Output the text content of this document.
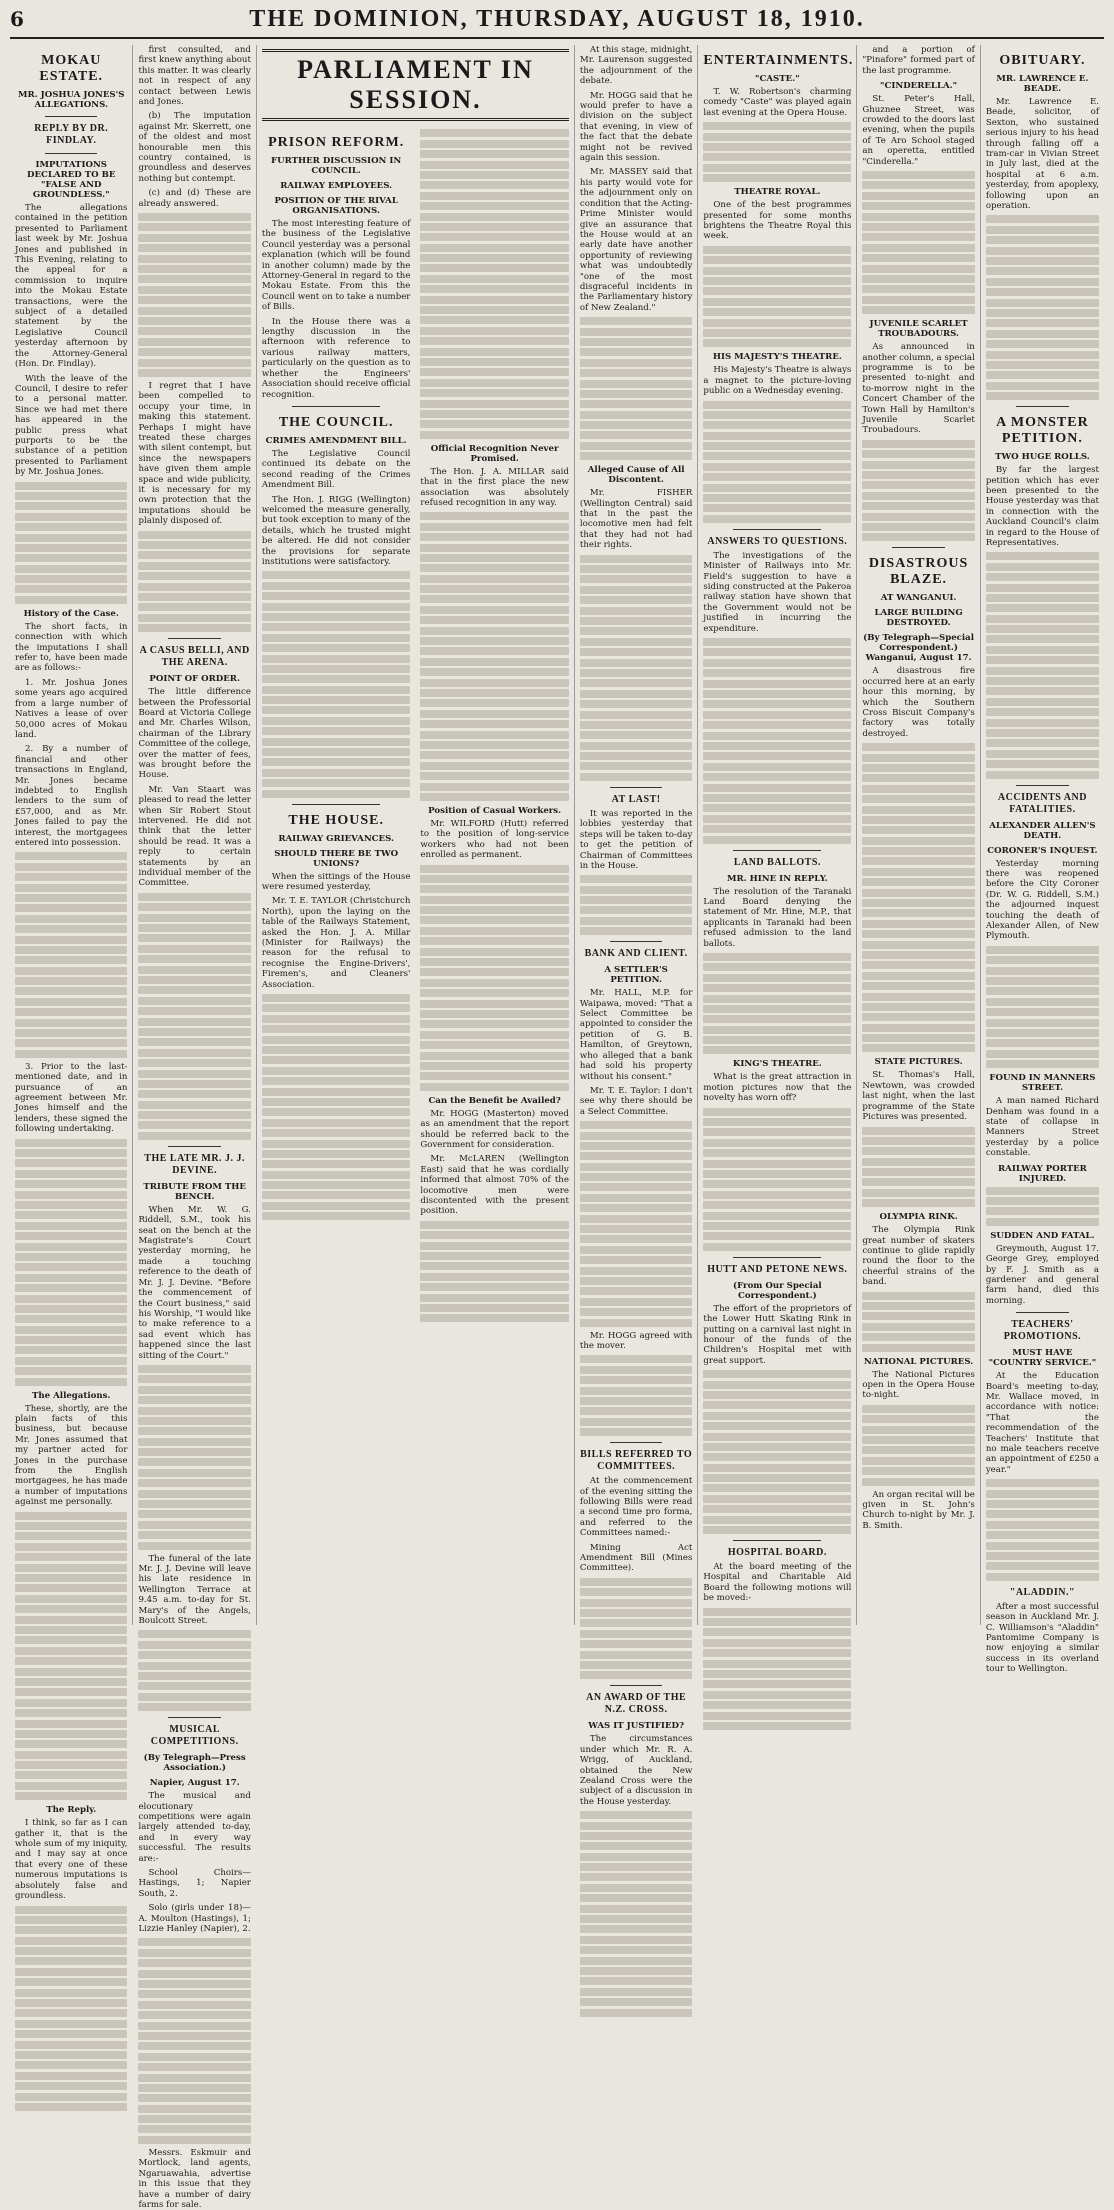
6	THE DOMINION, THURSDAY, AUGUST 18, 1910.
MOKAU ESTATE.
MR. JOSHUA JONES'S ALLEGATIONS.
REPLY BY DR. FINDLAY.
IMPUTATIONS DECLARED TO BE "FALSE AND GROUNDLESS."

The allegations contained in the petition presented to Parliament last week by Mr. Joshua Jones and published in This Evening, relating to the appeal for a commission to inquire into the Mokau Estate transactions, were the subject of a detailed statement by the Legislative Council yesterday afternoon by the Attorney-General (Hon. Dr. Findlay).

With the leave of the Council, I desire to refer to a personal matter. Since we had met there has appeared in the public press what purports to be the substance of a petition presented to Parliament by Mr. Joshua Jones.

History of the Case.

The short facts, in connection with which the imputations I shall refer to, have been made are as follows:-

1. Mr. Joshua Jones some years ago acquired from a large number of Natives a lease of over 50,000 acres of Mokau land.

2. By a number of financial and other transactions in England, Mr. Jones became indebted to English lenders to the sum of £57,000, and as Mr. Jones failed to pay the interest, the mortgagees entered into possession.

3. Prior to the last-mentioned date, and in pursuance of an agreement between Mr. Jones himself and the lenders, these signed the following undertaking.

The Allegations.

These, shortly, are the plain facts of this business, but because Mr. Jones assumed that my partner acted for Jones in the purchase from the English mortgagees, he has made a number of imputations against me personally.

The Reply.

I think, so far as I can gather it, that is the whole sum of my iniquity, and I may say at once that every one of these numerous imputations is absolutely false and groundless.

first consulted, and first knew anything about this matter. It was clearly not in respect of any contact between Lewis and Jones.

(b) The imputation against Mr. Skerrett, one of the oldest and most honourable men this country contained, is groundless and deserves nothing but contempt.

(c) and (d) These are already answered.

I regret that I have been compelled to occupy your time, in making this statement. Perhaps I might have treated these charges with silent contempt, but since the newspapers have given them ample space and wide publicity, it is necessary for my own protection that the imputations should be plainly disposed of.

A CASUS BELLI, AND THE ARENA.
POINT OF ORDER.

The little difference between the Professorial Board at Victoria College and Mr. Charles Wilson, chairman of the Library Committee of the college, over the matter of fees, was brought before the House.

Mr. Van Staart was pleased to read the letter when Sir Robert Stout intervened. He did not think that the letter should be read. It was a reply to certain statements by an individual member of the Committee.

THE LATE MR. J. J. DEVINE.
TRIBUTE FROM THE BENCH.

When Mr. W. G. Riddell, S.M., took his seat on the bench at the Magistrate's Court yesterday morning, he made a touching reference to the death of Mr. J. J. Devine. "Before the commencement of the Court business," said his Worship, "I would like to make reference to a sad event which has happened since the last sitting of the Court."

The funeral of the late Mr. J. J. Devine will leave his late residence in Wellington Terrace at 9.45 a.m. to-day for St. Mary's of the Angels, Boulcott Street.

MUSICAL COMPETITIONS.
(By Telegraph—Press Association.)
Napier, August 17.

The musical and elocutionary competitions were again largely attended to-day, and in every way successful. The results are:-

School Choirs—Hastings, 1; Napier South, 2.

Solo (girls under 18)—A. Moulton (Hastings), 1; Lizzie Hanley (Napier), 2.

Messrs. Eskmuir and Mortlock, land agents, Ngaruawahia, advertise in this issue that they have a number of dairy farms for sale.

PARLIAMENT IN SESSION.
PRISON REFORM.
FURTHER DISCUSSION IN COUNCIL.
RAILWAY EMPLOYEES.
POSITION OF THE RIVAL ORGANISATIONS.

The most interesting feature of the business of the Legislative Council yesterday was a personal explanation (which will be found in another column) made by the Attorney-General in regard to the Mokau Estate. From this the Council went on to take a number of Bills.

In the House there was a lengthy discussion in the afternoon with reference to various railway matters, particularly on the question as to whether the Engineers' Association should receive official recognition.

THE COUNCIL.
CRIMES AMENDMENT BILL.

The Legislative Council continued its debate on the second reading of the Crimes Amendment Bill.

The Hon. J. RIGG (Wellington) welcomed the measure generally, but took exception to many of the details, which he trusted might be altered. He did not consider the provisions for separate institutions were satisfactory.

THE HOUSE.
RAILWAY GRIEVANCES.
SHOULD THERE BE TWO UNIONS?

When the sittings of the House were resumed yesterday,

Mr. T. E. TAYLOR (Christchurch North), upon the laying on the table of the Railways Statement, asked the Hon. J. A. Millar (Minister for Railways) the reason for the refusal to recognise the Engine-Drivers', Firemen's, and Cleaners' Association.

Official Recognition Never Promised.

The Hon. J. A. MILLAR said that in the first place the new association was absolutely refused recognition in any way.

Position of Casual Workers.

Mr. WILFORD (Hutt) referred to the position of long-service workers who had not been enrolled as permanent.

Can the Benefit be Availed?

Mr. HOGG (Masterton) moved as an amendment that the report should be referred back to the Government for consideration.

Mr. McLAREN (Wellington East) said that he was cordially informed that almost 70% of the locomotive men were discontented with the present position.

At this stage, midnight, Mr. Laurenson suggested the adjournment of the debate.

Mr. HOGG said that he would prefer to have a division on the subject that evening, in view of the fact that the debate might not be revived again this session.

Mr. MASSEY said that his party would vote for the adjournment only on condition that the Acting-Prime Minister would give an assurance that the House would at an early date have another opportunity of reviewing what was undoubtedly "one of the most disgraceful incidents in the Parliamentary history of New Zealand."

Alleged Cause of All Discontent.

Mr. FISHER (Wellington Central) said that in the past the locomotive men had felt that they had not had their rights.

AT LAST!

It was reported in the lobbies yesterday that steps will be taken to-day to get the petition of Chairman of Committees in the House.

BANK AND CLIENT.
A SETTLER'S PETITION.

Mr. HALL, M.P. for Waipawa, moved: "That a Select Committee be appointed to consider the petition of G. B. Hamilton, of Greytown, who alleged that a bank had sold his property without his consent."

Mr. T. E. Taylor: I don't see why there should be a Select Committee.

Mr. HOGG agreed with the mover.

BILLS REFERRED TO COMMITTEES.

At the commencement of the evening sitting the following Bills were read a second time pro forma, and referred to the Committees named:-

Mining Act Amendment Bill (Mines Committee).

AN AWARD OF THE N.Z. CROSS.
WAS IT JUSTIFIED?

The circumstances under which Mr. R. A. Wrigg, of Auckland, obtained the New Zealand Cross were the subject of a discussion in the House yesterday.

ENTERTAINMENTS.
"CASTE."

T. W. Robertson's charming comedy "Caste" was played again last evening at the Opera House.

THEATRE ROYAL.

One of the best programmes presented for some months brightens the Theatre Royal this week.

HIS MAJESTY'S THEATRE.

His Majesty's Theatre is always a magnet to the picture-loving public on a Wednesday evening.

ANSWERS TO QUESTIONS.

The investigations of the Minister of Railways into Mr. Field's suggestion to have a siding constructed at the Pakeroa railway station have shown that the Government would not be justified in incurring the expenditure.

LAND BALLOTS.
MR. HINE IN REPLY.

The resolution of the Taranaki Land Board denying the statement of Mr. Hine, M.P., that applicants in Taranaki had been refused admission to the land ballots.

KING'S THEATRE.

What is the great attraction in motion pictures now that the novelty has worn off?

HUTT AND PETONE NEWS.
(From Our Special Correspondent.)

The effort of the proprietors of the Lower Hutt Skating Rink in putting on a carnival last night in honour of the funds of the Children's Hospital met with great support.

HOSPITAL BOARD.

At the board meeting of the Hospital and Charitable Aid Board the following motions will be moved:-

and a portion of "Pinafore" formed part of the last programme.

"CINDERELLA."

St. Peter's Hall, Ghuznee Street, was crowded to the doors last evening, when the pupils of Te Aro School staged an operetta, entitled "Cinderella."

JUVENILE SCARLET TROUBADOURS.

As announced in another column, a special programme is to be presented to-night and to-morrow night in the Concert Chamber of the Town Hall by Hamilton's Juvenile Scarlet Troubadours.

DISASTROUS BLAZE.
AT WANGANUI.
LARGE BUILDING DESTROYED.
(By Telegraph—Special Correspondent.) Wanganui, August 17.

A disastrous fire occurred here at an early hour this morning, by which the Southern Cross Biscuit Company's factory was totally destroyed.

STATE PICTURES.

St. Thomas's Hall, Newtown, was crowded last night, when the last programme of the State Pictures was presented.

OLYMPIA RINK.

The Olympia Rink great number of skaters continue to glide rapidly round the floor to the cheerful strains of the band.

NATIONAL PICTURES.

The National Pictures open in the Opera House to-night.

An organ recital will be given in St. John's Church to-night by Mr. J. B. Smith.

OBITUARY.
MR. LAWRENCE E. BEADE.

Mr. Lawrence E. Beade, solicitor, of Sexton, who sustained serious injury to his head through falling off a tram-car in Vivian Street in July last, died at the hospital at 6 a.m. yesterday, from apoplexy, following upon an operation.

A MONSTER PETITION.
TWO HUGE ROLLS.

By far the largest petition which has ever been presented to the House yesterday was that in connection with the Auckland Council's claim in regard to the House of Representatives.

ACCIDENTS AND FATALITIES.
ALEXANDER ALLEN'S DEATH.
CORONER'S INQUEST.

Yesterday morning there was reopened before the City Coroner (Dr. W. G. Riddell, S.M.) the adjourned inquest touching the death of Alexander Allen, of New Plymouth.

FOUND IN MANNERS STREET.

A man named Richard Denham was found in a state of collapse in Manners Street yesterday by a police constable.

RAILWAY PORTER INJURED.
SUDDEN AND FATAL.

Greymouth, August 17. George Grey, employed by F. J. Smith as a gardener and general farm hand, died this morning.

TEACHERS' PROMOTIONS.
MUST HAVE "COUNTRY SERVICE."

At the Education Board's meeting to-day, Mr. Wallace moved, in accordance with notice: "That the recommendation of the Teachers' Institute that no male teachers receive an appointment of £250 a year."

"ALADDIN."

After a most successful season in Auckland Mr. J. C. Williamson's "Aladdin" Pantomime Company is now enjoying a similar success in its overland tour to Wellington.
